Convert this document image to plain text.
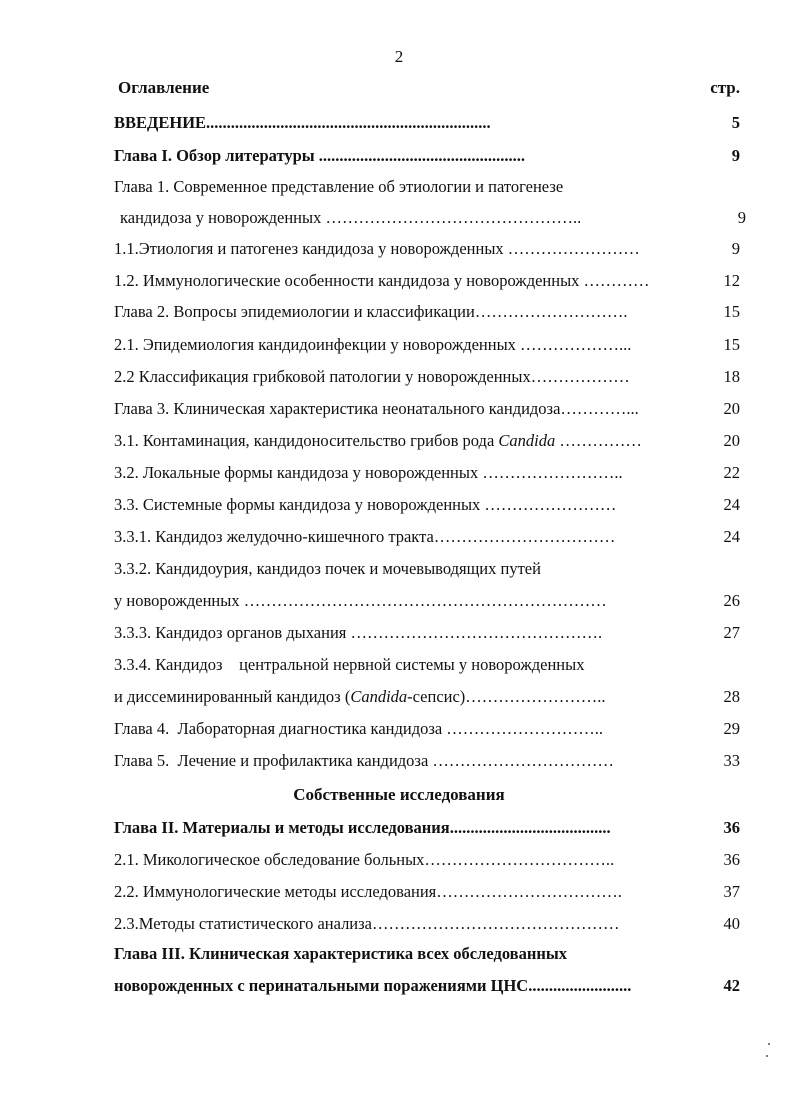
2
Оглавление	стр.
ВВЕДЕНИЕ.....................................................................	5
Глава I. Обзор литературы ..................................................	9
Глава 1. Современное представление об этиологии и патогенезе
кандидоза у новорожденных ………………………………………..	9
1.1.Этиология и патогенез кандидоза у новорожденных ……………………	9
1.2. Иммунологические особенности кандидоза у новорожденных …………	12
Глава 2. Вопросы эпидемиологии и классификации……………………….	15
2.1. Эпидемиология кандидоинфекции у новорожденных ………………...	15
2.2 Классификация грибковой патологии у новорожденных………………	18
Глава 3. Клиническая характеристика неонатального кандидоза…………...	20
3.1. Контаминация, кандидоносительство грибов рода Candida ……………	20
3.2. Локальные формы кандидоза у новорожденных ……………………..	22
3.3. Системные формы кандидоза у новорожденных ……………………	24
3.3.1. Кандидоз желудочно-кишечного тракта……………………………	24
3.3.2. Кандидоурия, кандидоз почек и мочевыводящих путей
у новорожденных …………………………………………………………	26
3.3.3. Кандидоз органов дыхания ……………………………………….	27
3.3.4. Кандидоз    центральной нервной системы у новорожденных
и диссеминированный кандидоз (Candida-сепсис)……………………..	28
Глава 4.  Лабораторная диагностика кандидоза ………………………..	29
Глава 5.  Лечение и профилактика кандидоза ……………………………	33
Собственные исследования
Глава II. Материалы и методы исследования.......................................	36
2.1. Микологическое обследование больных……………………………..	36
2.2. Иммунологические методы исследования…………………………….	37
2.3.Методы статистического анализа………………………………………	40
Глава III. Клиническая характеристика всех обследованных
новорожденных с перинатальными поражениями ЦНС.........................	42
